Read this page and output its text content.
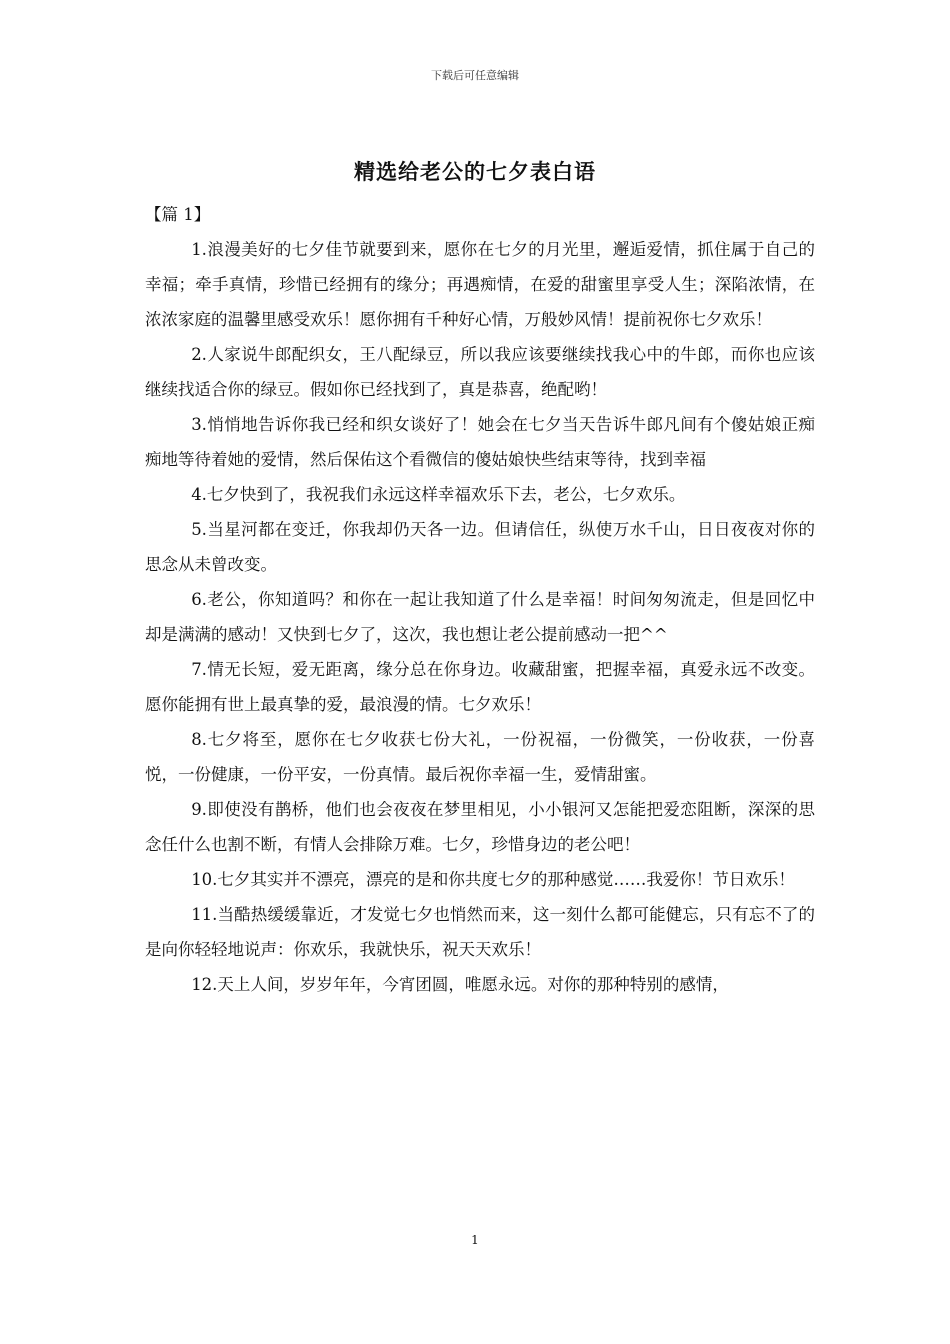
下载后可任意编辑
精选给老公的七夕表白语

【篇 1】

1.浪漫美好的七夕佳节就要到来，愿你在七夕的月光里，邂逅爱情，抓住属于自己的幸福；牵手真情，珍惜已经拥有的缘分；再遇痴情，在爱的甜蜜里享受人生；深陷浓情，在浓浓家庭的温馨里感受欢乐！愿你拥有千种好心情，万般妙风情！提前祝你七夕欢乐！

2.人家说牛郎配织女，王八配绿豆，所以我应该要继续找我心中的牛郎，而你也应该继续找适合你的绿豆。假如你已经找到了，真是恭喜，绝配哟！

3.悄悄地告诉你我已经和织女谈好了！她会在七夕当天告诉牛郎凡间有个傻姑娘正痴痴地等待着她的爱情，然后保佑这个看微信的傻姑娘快些结束等待，找到幸福

4.七夕快到了，我祝我们永远这样幸福欢乐下去，老公，七夕欢乐。

5.当星河都在变迁，你我却仍天各一边。但请信任，纵使万水千山，日日夜夜对你的思念从未曾改变。

6.老公，你知道吗？和你在一起让我知道了什么是幸福！时间匆匆流走，但是回忆中却是满满的感动！又快到七夕了，这次，我也想让老公提前感动一把^^

7.情无长短，爱无距离，缘分总在你身边。收藏甜蜜，把握幸福，真爱永远不改变。愿你能拥有世上最真挚的爱，最浪漫的情。七夕欢乐！

8.七夕将至，愿你在七夕收获七份大礼，一份祝福，一份微笑，一份收获，一份喜悦，一份健康，一份平安，一份真情。最后祝你幸福一生，爱情甜蜜。

9.即使没有鹊桥，他们也会夜夜在梦里相见，小小银河又怎能把爱恋阻断，深深的思念任什么也割不断，有情人会排除万难。七夕，珍惜身边的老公吧！

10.七夕其实并不漂亮，漂亮的是和你共度七夕的那种感觉……我爱你！节日欢乐！

11.当酷热缓缓靠近，才发觉七夕也悄然而来，这一刻什么都可能健忘，只有忘不了的是向你轻轻地说声：你欢乐，我就快乐，祝天天欢乐！

12.天上人间，岁岁年年，今宵团圆，唯愿永远。对你的那种特别的感情，

1
